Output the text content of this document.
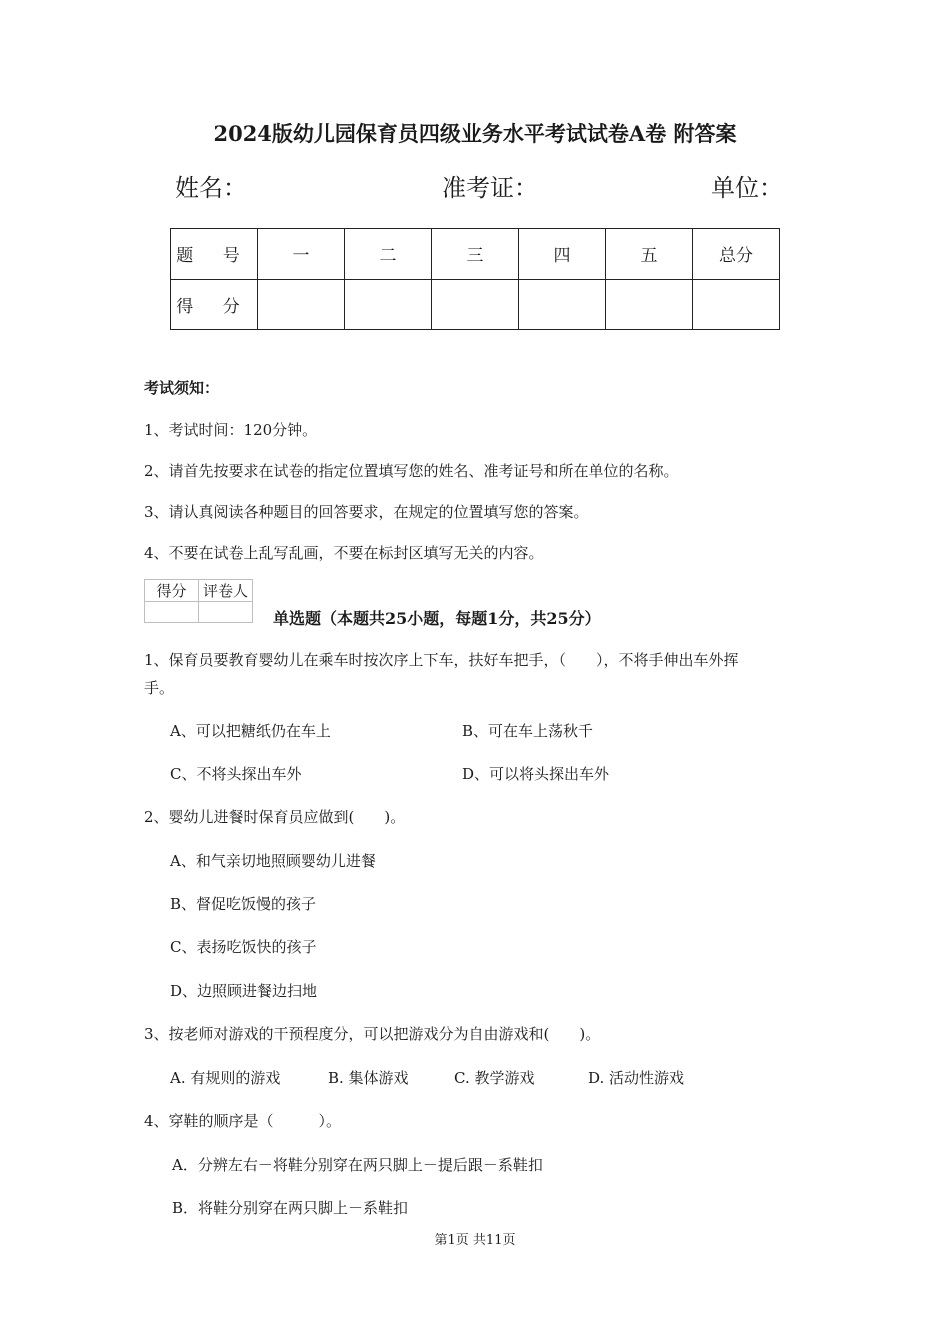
2024版幼儿园保育员四级业务水平考试试卷A卷 附答案
姓名：	准考证：	单位：
题 号	一	二	三	四	五	总分
得 分						
考试须知：
1、考试时间：120分钟。
2、请首先按要求在试卷的指定位置填写您的姓名、准考证号和所在单位的名称。
3、请认真阅读各种题目的回答要求，在规定的位置填写您的答案。
4、不要在试卷上乱写乱画，不要在标封区填写无关的内容。
得分	评卷人

单选题（本题共25小题，每题1分，共25分）
1、保育员要教育婴幼儿在乘车时按次序上下车，扶好车把手，（　　），不将手伸出车外挥
手。
A、可以把糖纸仍在车上	B、可在车上荡秋千
C、不将头探出车外	D、可以将头探出车外
2、婴幼儿进餐时保育员应做到(　　)。
A、和气亲切地照顾婴幼儿进餐
B、督促吃饭慢的孩子
C、表扬吃饭快的孩子
D、边照顾进餐边扫地
3、按老师对游戏的干预程度分，可以把游戏分为自由游戏和(　　)。
A. 有规则的游戏	B. 集体游戏	C. 教学游戏	D. 活动性游戏
4、穿鞋的顺序是（　　　）。
A．分辨左右－将鞋分别穿在两只脚上－提后跟－系鞋扣
B．将鞋分别穿在两只脚上－系鞋扣
第1页 共11页
